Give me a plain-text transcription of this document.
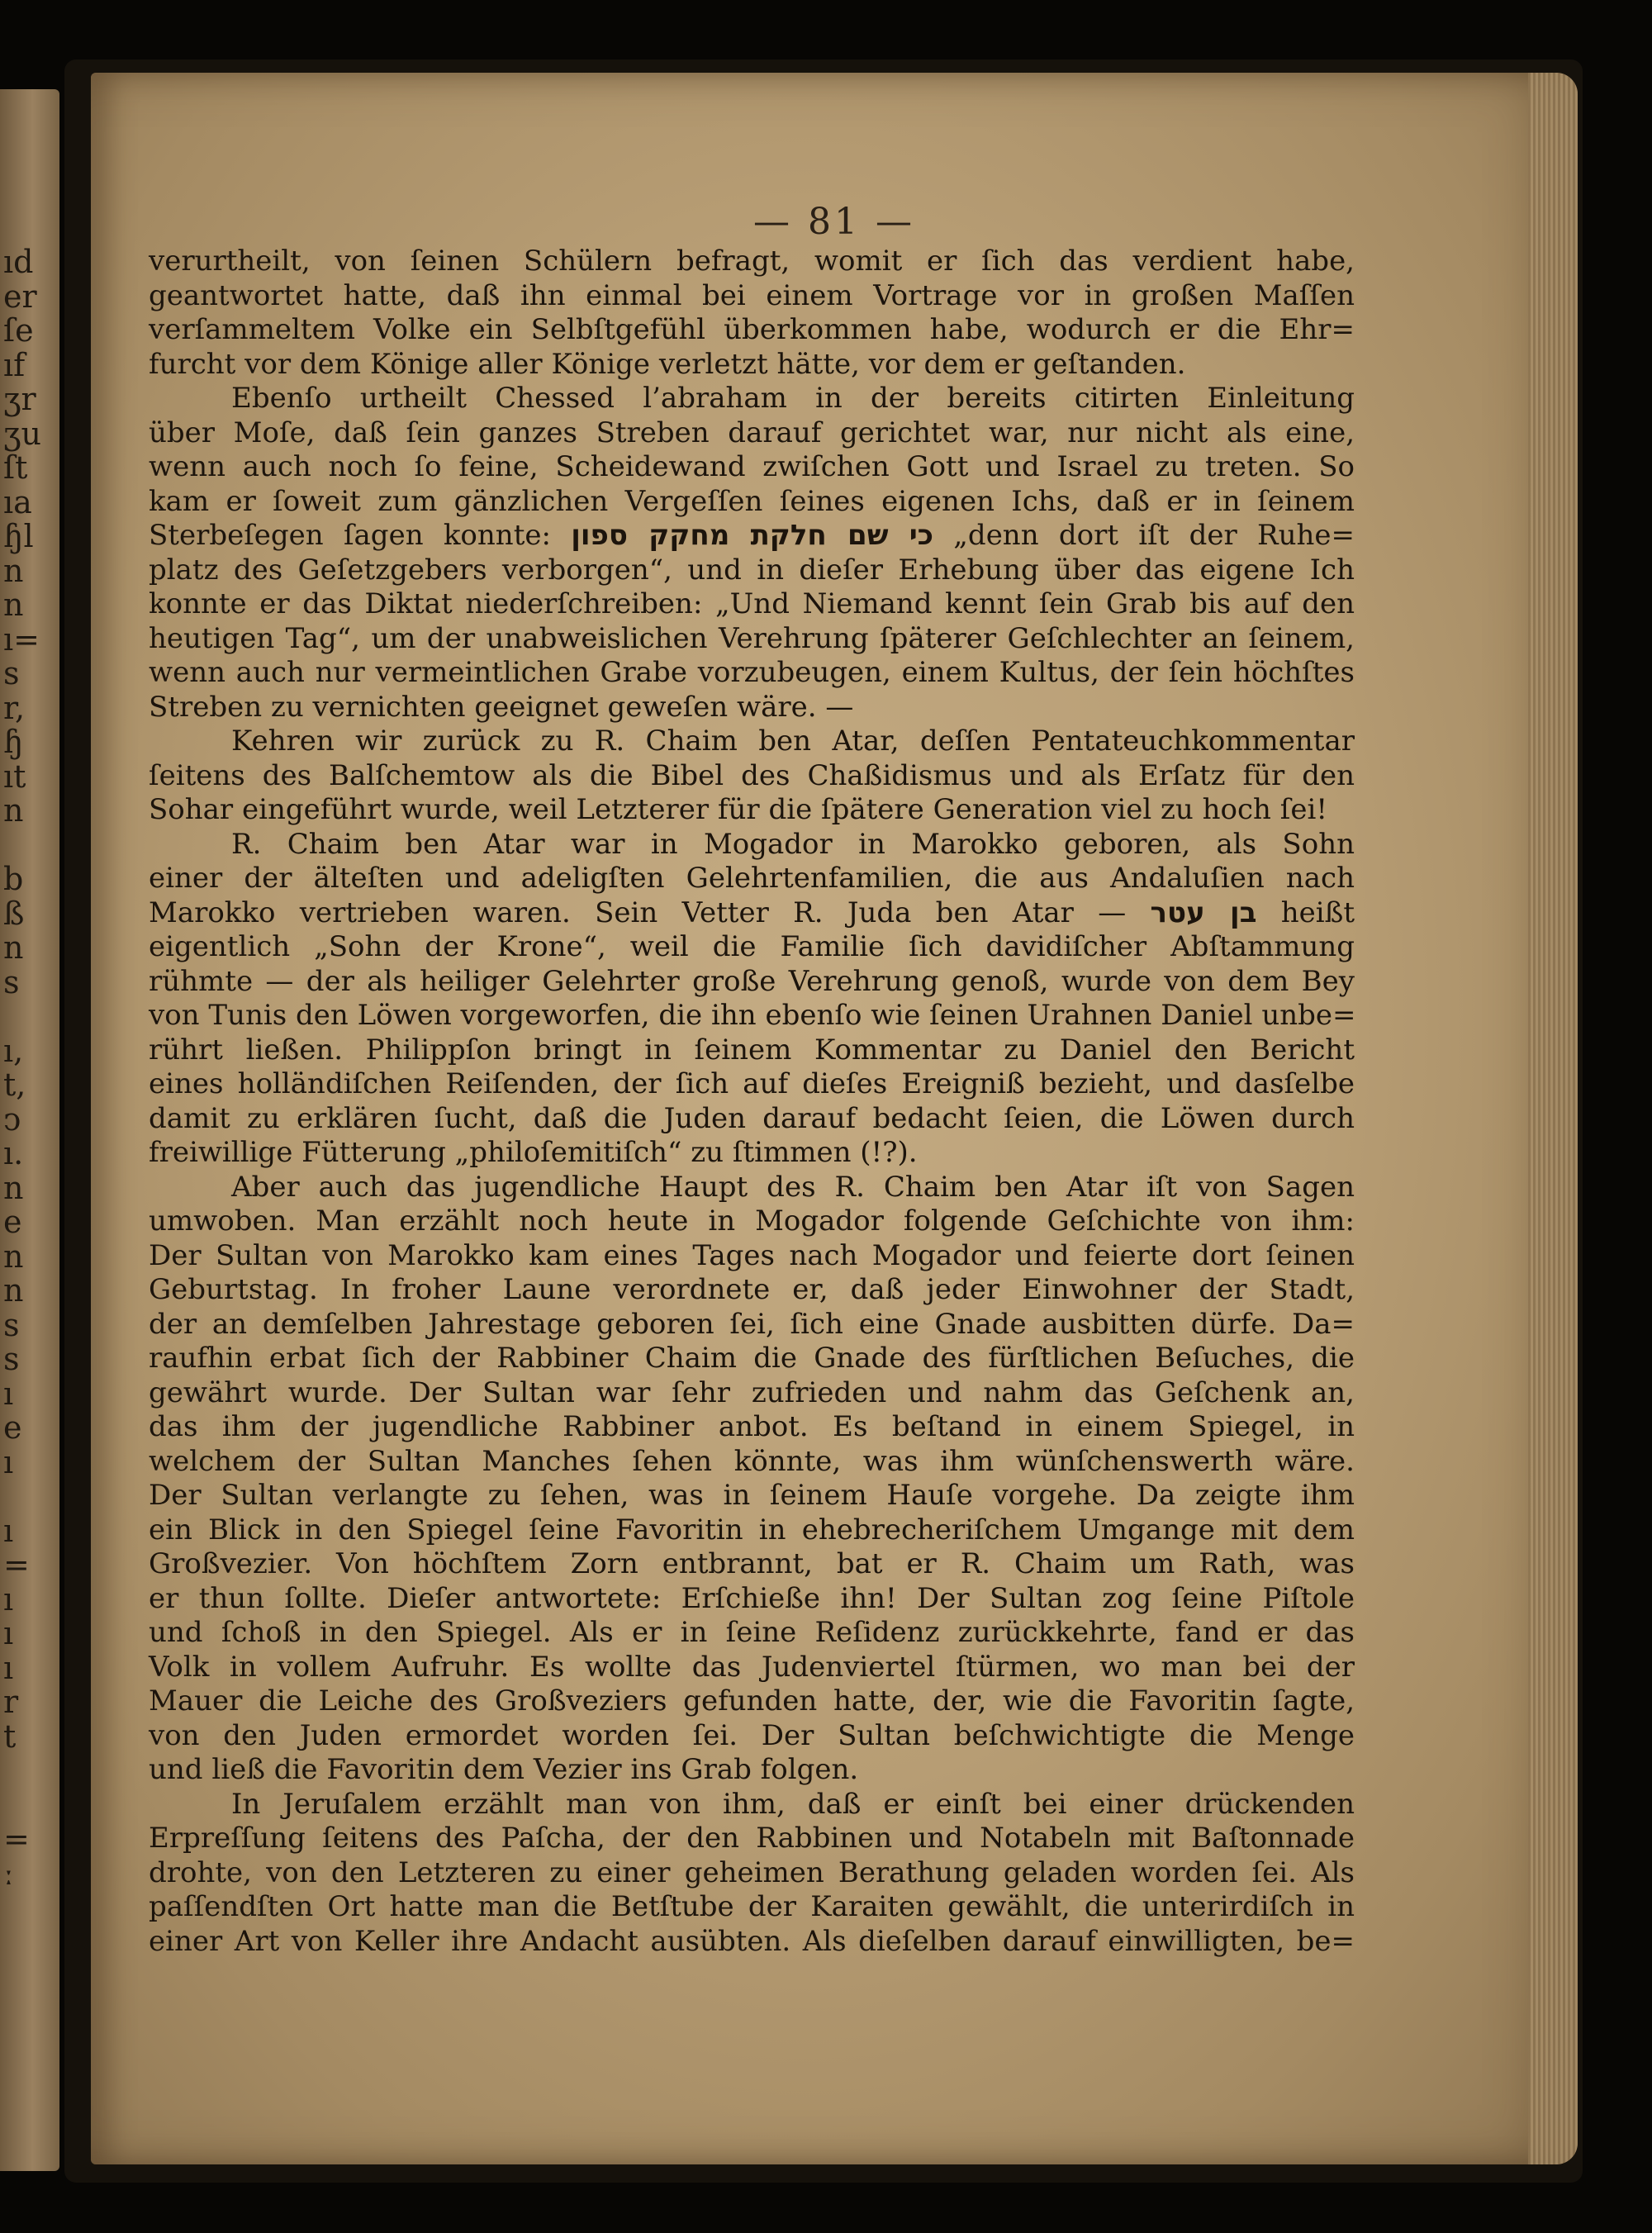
ıd
er
ſe
ıf
ʒr
ʒu
ſt
ıa
ɧl
n
n
ı=
s
r,
ɧ
ıt
n
b
ß
n
s
ı,
t,
ↄ
ı.
n
e
n
n
s
s
ı
e
ı
ı
=
ı
ı
ı
r
t
=
ː
— 81 —
verurtheilt, von ſeinen Schülern befragt, womit er ſich das verdient habe,
geantwortet hatte, daß ihn einmal bei einem Vortrage vor in großen Maſſen
verſammeltem Volke ein Selbſtgefühl überkommen habe, wodurch er die Ehr=
furcht vor dem Könige aller Könige verletzt hätte, vor dem er geſtanden.
Ebenſo urtheilt Chessed l’abraham in der bereits citirten Einleitung
über Moſe, daß ſein ganzes Streben darauf gerichtet war, nur nicht als eine,
wenn auch noch ſo feine, Scheidewand zwiſchen Gott und Israel zu treten. So
kam er ſoweit zum gänzlichen Vergeſſen ſeines eigenen Ichs, daß er in ſeinem
Sterbeſegen ſagen konnte: כי שם חלקת מחקק ספון „denn dort iſt der Ruhe=
platz des Geſetzgebers verborgen“, und in dieſer Erhebung über das eigene Ich
konnte er das Diktat niederſchreiben: „Und Niemand kennt ſein Grab bis auf den
heutigen Tag“, um der unabweislichen Verehrung ſpäterer Geſchlechter an ſeinem,
wenn auch nur vermeintlichen Grabe vorzubeugen, einem Kultus, der ſein höchſtes
Streben zu vernichten geeignet geweſen wäre. —
Kehren wir zurück zu R. Chaim ben Atar, deſſen Pentateuchkommentar
ſeitens des Balſchemtow als die Bibel des Chaßidismus und als Erſatz für den
Sohar eingeführt wurde, weil Letzterer für die ſpätere Generation viel zu hoch ſei!
R. Chaim ben Atar war in Mogador in Marokko geboren, als Sohn
einer der älteſten und adeligſten Gelehrtenfamilien, die aus Andaluſien nach
Marokko vertrieben waren. Sein Vetter R. Juda ben Atar — בן עטר heißt
eigentlich „Sohn der Krone“, weil die Familie ſich davidiſcher Abſtammung
rühmte — der als heiliger Gelehrter große Verehrung genoß, wurde von dem Bey
von Tunis den Löwen vorgeworfen, die ihn ebenſo wie ſeinen Urahnen Daniel unbe=
rührt ließen. Philippſon bringt in ſeinem Kommentar zu Daniel den Bericht
eines holländiſchen Reiſenden, der ſich auf dieſes Ereigniß bezieht, und dasſelbe
damit zu erklären ſucht, daß die Juden darauf bedacht ſeien, die Löwen durch
freiwillige Fütterung „philoſemitiſch“ zu ſtimmen (!?).
Aber auch das jugendliche Haupt des R. Chaim ben Atar iſt von Sagen
umwoben. Man erzählt noch heute in Mogador folgende Geſchichte von ihm:
Der Sultan von Marokko kam eines Tages nach Mogador und feierte dort ſeinen
Geburtstag. In froher Laune verordnete er, daß jeder Einwohner der Stadt,
der an demſelben Jahrestage geboren ſei, ſich eine Gnade ausbitten dürfe. Da=
raufhin erbat ſich der Rabbiner Chaim die Gnade des fürſtlichen Beſuches, die
gewährt wurde. Der Sultan war ſehr zufrieden und nahm das Geſchenk an,
das ihm der jugendliche Rabbiner anbot. Es beſtand in einem Spiegel, in
welchem der Sultan Manches ſehen könnte, was ihm wünſchenswerth wäre.
Der Sultan verlangte zu ſehen, was in ſeinem Hauſe vorgehe. Da zeigte ihm
ein Blick in den Spiegel ſeine Favoritin in ehebrecheriſchem Umgange mit dem
Großvezier. Von höchſtem Zorn entbrannt, bat er R. Chaim um Rath, was
er thun ſollte. Dieſer antwortete: Erſchieße ihn! Der Sultan zog ſeine Piſtole
und ſchoß in den Spiegel. Als er in ſeine Reſidenz zurückkehrte, fand er das
Volk in vollem Aufruhr. Es wollte das Judenviertel ſtürmen, wo man bei der
Mauer die Leiche des Großveziers gefunden hatte, der, wie die Favoritin ſagte,
von den Juden ermordet worden ſei. Der Sultan beſchwichtigte die Menge
und ließ die Favoritin dem Vezier ins Grab folgen.
In Jeruſalem erzählt man von ihm, daß er einſt bei einer drückenden
Erpreſſung ſeitens des Paſcha, der den Rabbinen und Notabeln mit Baſtonnade
drohte, von den Letzteren zu einer geheimen Berathung geladen worden ſei. Als
paſſendſten Ort hatte man die Betſtube der Karaiten gewählt, die unterirdiſch in
einer Art von Keller ihre Andacht ausübten. Als dieſelben darauf einwilligten, be=
